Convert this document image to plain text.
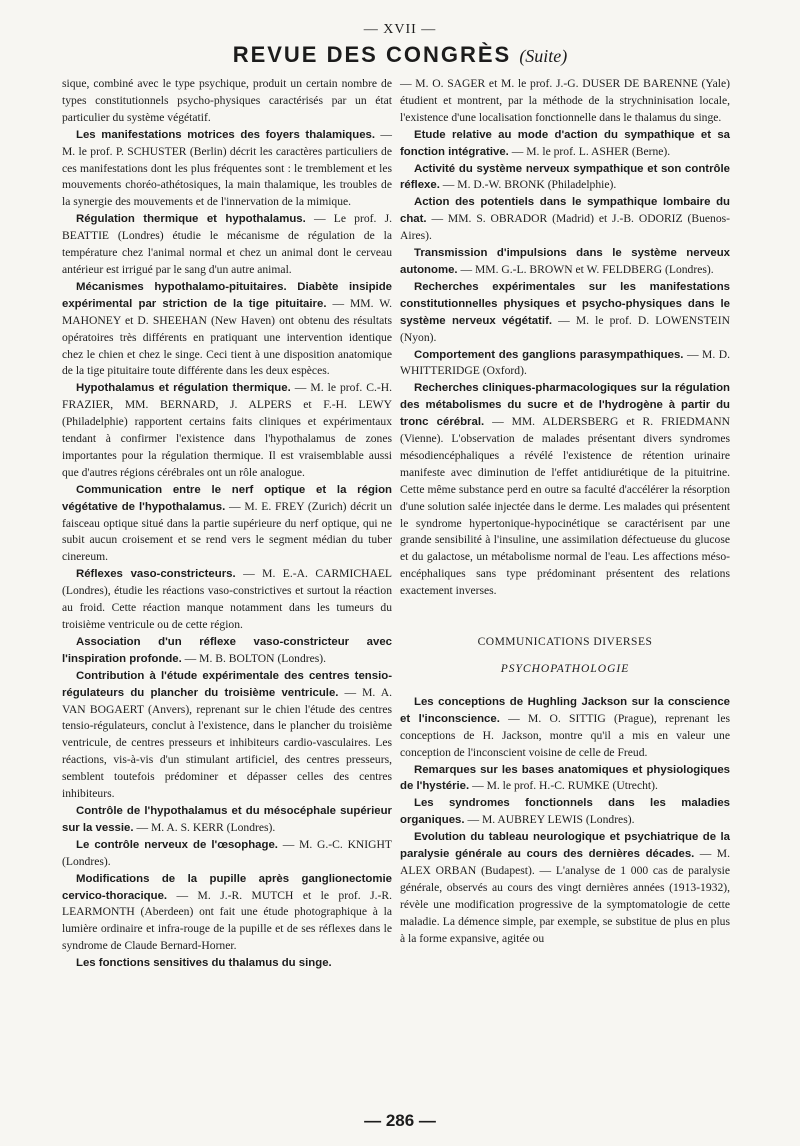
— XVII —
REVUE DES CONGRÈS (Suite)

sique, combiné avec le type psychique, produit un certain nombre de types constitutionnels psycho-physiques caractérisés par un état particulier du système végétatif.

Les manifestations motrices des foyers thalamiques. — M. le prof. P. SCHUSTER (Berlin) décrit les caractères particuliers de ces manifestations dont les plus fréquentes sont : le tremblement et les mouvements choréo-athétosiques, la main thalamique, les troubles de la synergie des mouvements et de l'innervation de la mimique.

Régulation thermique et hypothalamus. — Le prof. J. BEATTIE (Londres) étudie le mécanisme de régulation de la température chez l'animal normal et chez un animal dont le cerveau antérieur est irrigué par le sang d'un autre animal.

Mécanismes hypothalamo-pituitaires. Diabète insipide expérimental par striction de la tige pituitaire. — MM. W. MAHONEY et D. SHEEHAN (New Haven) ont obtenu des résultats opératoires très différents en pratiquant une intervention identique chez le chien et chez le singe. Ceci tient à une disposition anatomique de la tige pituitaire toute différente dans les deux espèces.

Hypothalamus et régulation thermique. — M. le prof. C.-H. FRAZIER, MM. BERNARD, J. ALPERS et F.-H. LEWY (Philadelphie) rapportent certains faits cliniques et expérimentaux tendant à confirmer l'existence dans l'hypothalamus de zones importantes pour la régulation thermique. Il est vraisemblable aussi que d'autres régions cérébrales ont un rôle analogue.

Communication entre le nerf optique et la région végétative de l'hypothalamus. — M. E. FREY (Zurich) décrit un faisceau optique situé dans la partie supérieure du nerf optique, qui ne subit aucun croisement et se rend vers le segment médian du tuber cinereum.

Réflexes vaso-constricteurs. — M. E.-A. CARMICHAEL (Londres), étudie les réactions vaso-constrictives et surtout la réaction au froid. Cette réaction manque notamment dans les tumeurs du troisième ventricule ou de cette région.

Association d'un réflexe vaso-constricteur avec l'inspiration profonde. — M. B. BOLTON (Londres).

Contribution à l'étude expérimentale des centres tensio-régulateurs du plancher du troisième ventricule. — M. A. VAN BOGAERT (Anvers), reprenant sur le chien l'étude des centres tensio-régulateurs, conclut à l'existence, dans le plancher du troisième ventricule, de centres presseurs et inhibiteurs cardio-vasculaires. Les réactions, vis-à-vis d'un stimulant artificiel, des centres presseurs, semblent toutefois prédominer et dépasser celles des centres inhibiteurs.

Contrôle de l'hypothalamus et du mésocéphale supérieur sur la vessie. — M. A. S. KERR (Londres).

Le contrôle nerveux de l'œsophage. — M. G.-C. KNIGHT (Londres).

Modifications de la pupille après ganglionectomie cervico-thoracique. — M. J.-R. MUTCH et le prof. J.-R. LEARMONTH (Aberdeen) ont fait une étude photographique à la lumière ordinaire et infra-rouge de la pupille et de ses réflexes dans le syndrome de Claude Bernard-Horner.

Les fonctions sensitives du thalamus du singe.

— M. O. SAGER et M. le prof. J.-G. DUSER DE BARENNE (Yale) étudient et montrent, par la méthode de la strychninisation locale, l'existence d'une localisation fonctionnelle dans le thalamus du singe.

Etude relative au mode d'action du sympathique et sa fonction intégrative. — M. le prof. L. ASHER (Berne).

Activité du système nerveux sympathique et son contrôle réflexe. — M. D.-W. BRONK (Philadelphie).

Action des potentiels dans le sympathique lombaire du chat. — MM. S. OBRADOR (Madrid) et J.-B. ODORIZ (Buenos-Aires).

Transmission d'impulsions dans le système nerveux autonome. — MM. G.-L. BROWN et W. FELDBERG (Londres).

Recherches expérimentales sur les manifestations constitutionnelles physiques et psycho-physiques dans le système nerveux végétatif. — M. le prof. D. LOWENSTEIN (Nyon).

Comportement des ganglions parasympathiques. — M. D. WHITTERIDGE (Oxford).

Recherches cliniques-pharmacologiques sur la régulation des métabolismes du sucre et de l'hydrogène à partir du tronc cérébral. — MM. ALDERSBERG et R. FRIEDMANN (Vienne). L'observation de malades présentant divers syndromes mésodiencéphaliques a révélé l'existence de rétention urinaire manifeste avec diminution de l'effet antidiurétique de la pituitrine. Cette même substance perd en outre sa faculté d'accélérer la résorption d'une solution salée injectée dans le derme. Les malades qui présentent le syndrome hypertonique-hypocinétique se caractérisent par une grande sensibilité à l'insuline, une assimilation défectueuse du glucose et du galactose, un métabolisme normal de l'eau. Les affections méso-encéphaliques sans type prédominant présentent des relations exactement inverses.

COMMUNICATIONS DIVERSES
PSYCHOPATHOLOGIE

Les conceptions de Hughling Jackson sur la conscience et l'inconscience. — M. O. SITTIG (Prague), reprenant les conceptions de H. Jackson, montre qu'il a mis en valeur une conception de l'inconscient voisine de celle de Freud.

Remarques sur les bases anatomiques et physiologiques de l'hystérie. — M. le prof. H.-C. RUMKE (Utrecht).

Les syndromes fonctionnels dans les maladies organiques. — M. AUBREY LEWIS (Londres).

Evolution du tableau neurologique et psychiatrique de la paralysie générale au cours des dernières décades. — M. ALEX ORBAN (Budapest). — L'analyse de 1 000 cas de paralysie générale, observés au cours des vingt dernières années (1913-1932), révèle une modification progressive de la symptomatologie de cette maladie. La démence simple, par exemple, se substitue de plus en plus à la forme expansive, agitée ou

— 286 —
